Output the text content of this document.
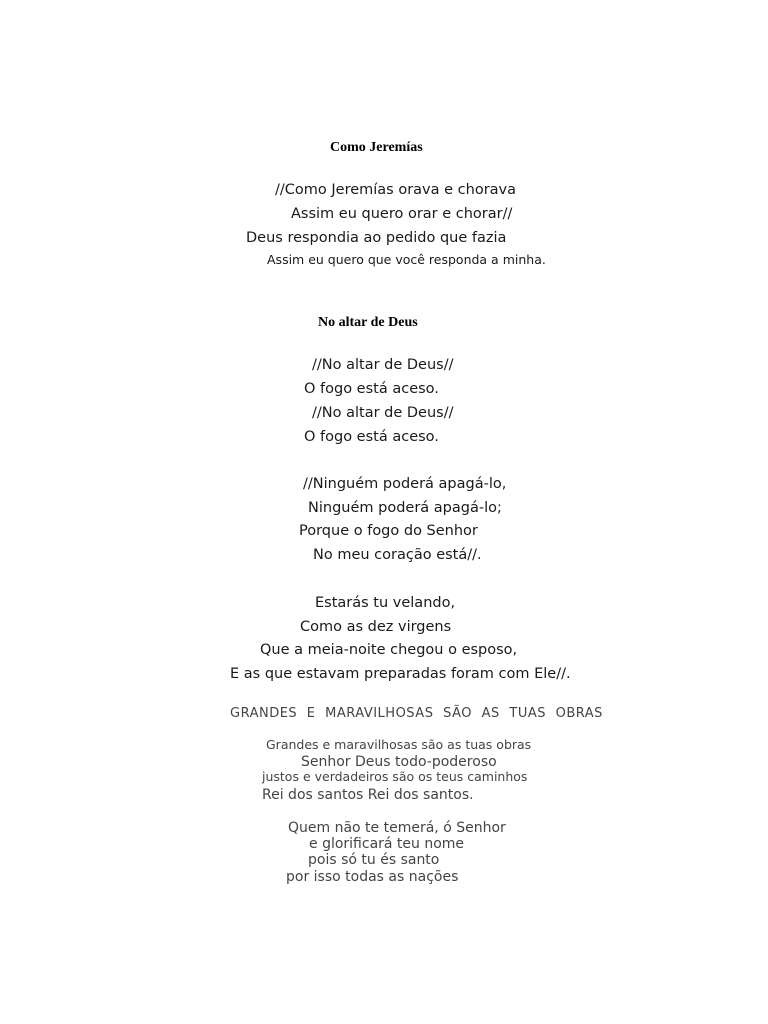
Como Jeremías
//Como Jeremías orava e chorava
Assim eu quero orar e chorar//
Deus respondia ao pedido que fazia
Assim eu quero que você responda a minha.
No altar de Deus
//No altar de Deus//
O fogo está aceso.
//No altar de Deus//
O fogo está aceso.
//Ninguém poderá apagá-lo,
Ninguém poderá apagá-lo;
Porque o fogo do Senhor
No meu coração está//.
Estarás tu velando,
Como as dez virgens
Que a meia-noite chegou o esposo,
E as que estavam preparadas foram com Ele//.
GRANDES E MARAVILHOSAS SÃO AS TUAS OBRAS
Grandes e maravilhosas são as tuas obras
Senhor Deus todo-poderoso
justos e verdadeiros são os teus caminhos
Rei dos santos Rei dos santos.
Quem não te temerá, ó Senhor
e glorificará teu nome
pois só tu és santo
por isso todas as nações
